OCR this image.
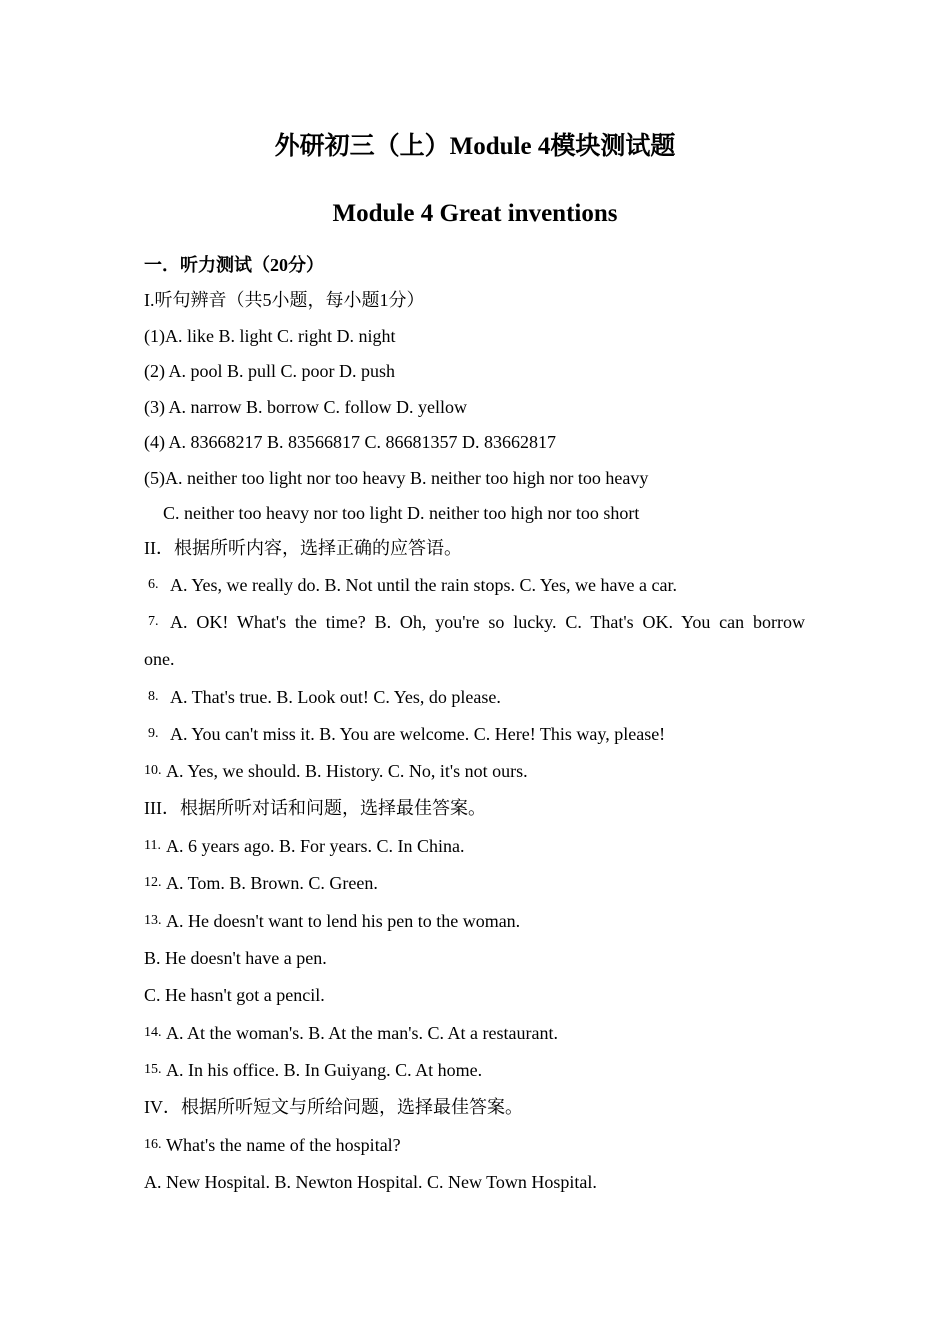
外研初三（上）Module 4模块测试题
Module 4 Great inventions
一．听力测试（20分）
I.听句辨音（共5小题，每小题1分）
(1)A. like B. light C. right D. night
(2) A. pool B. pull C. poor D. push
(3) A. narrow B. borrow C. follow D. yellow
(4) A. 83668217 B. 83566817 C. 86681357 D. 83662817
(5)A. neither too light nor too heavy B. neither too high nor too heavy
C. neither too heavy nor too light D. neither too high nor too short
II．根据所听内容，选择正确的应答语。
6. A. Yes, we really do. B. Not until the rain stops. C. Yes, we have a car.
7. A. OK! What's the time? B. Oh, you're so lucky. C. That's OK. You can borrow
one.
8. A. That's true. B. Look out! C. Yes, do please.
9. A. You can't miss it. B. You are welcome. C. Here! This way, please!
10. A. Yes, we should. B. History. C. No, it's not ours.
III．根据所听对话和问题，选择最佳答案。
11. A. 6 years ago. B. For years. C. In China.
12. A. Tom. B. Brown. C. Green.
13. A. He doesn't want to lend his pen to the woman.
B. He doesn't have a pen.
C. He hasn't got a pencil.
14. A. At the woman's. B. At the man's. C. At a restaurant.
15. A. In his office. B. In Guiyang. C. At home.
IV．根据所听短文与所给问题，选择最佳答案。
16. What's the name of the hospital?
A. New Hospital. B. Newton Hospital. C. New Town Hospital.
